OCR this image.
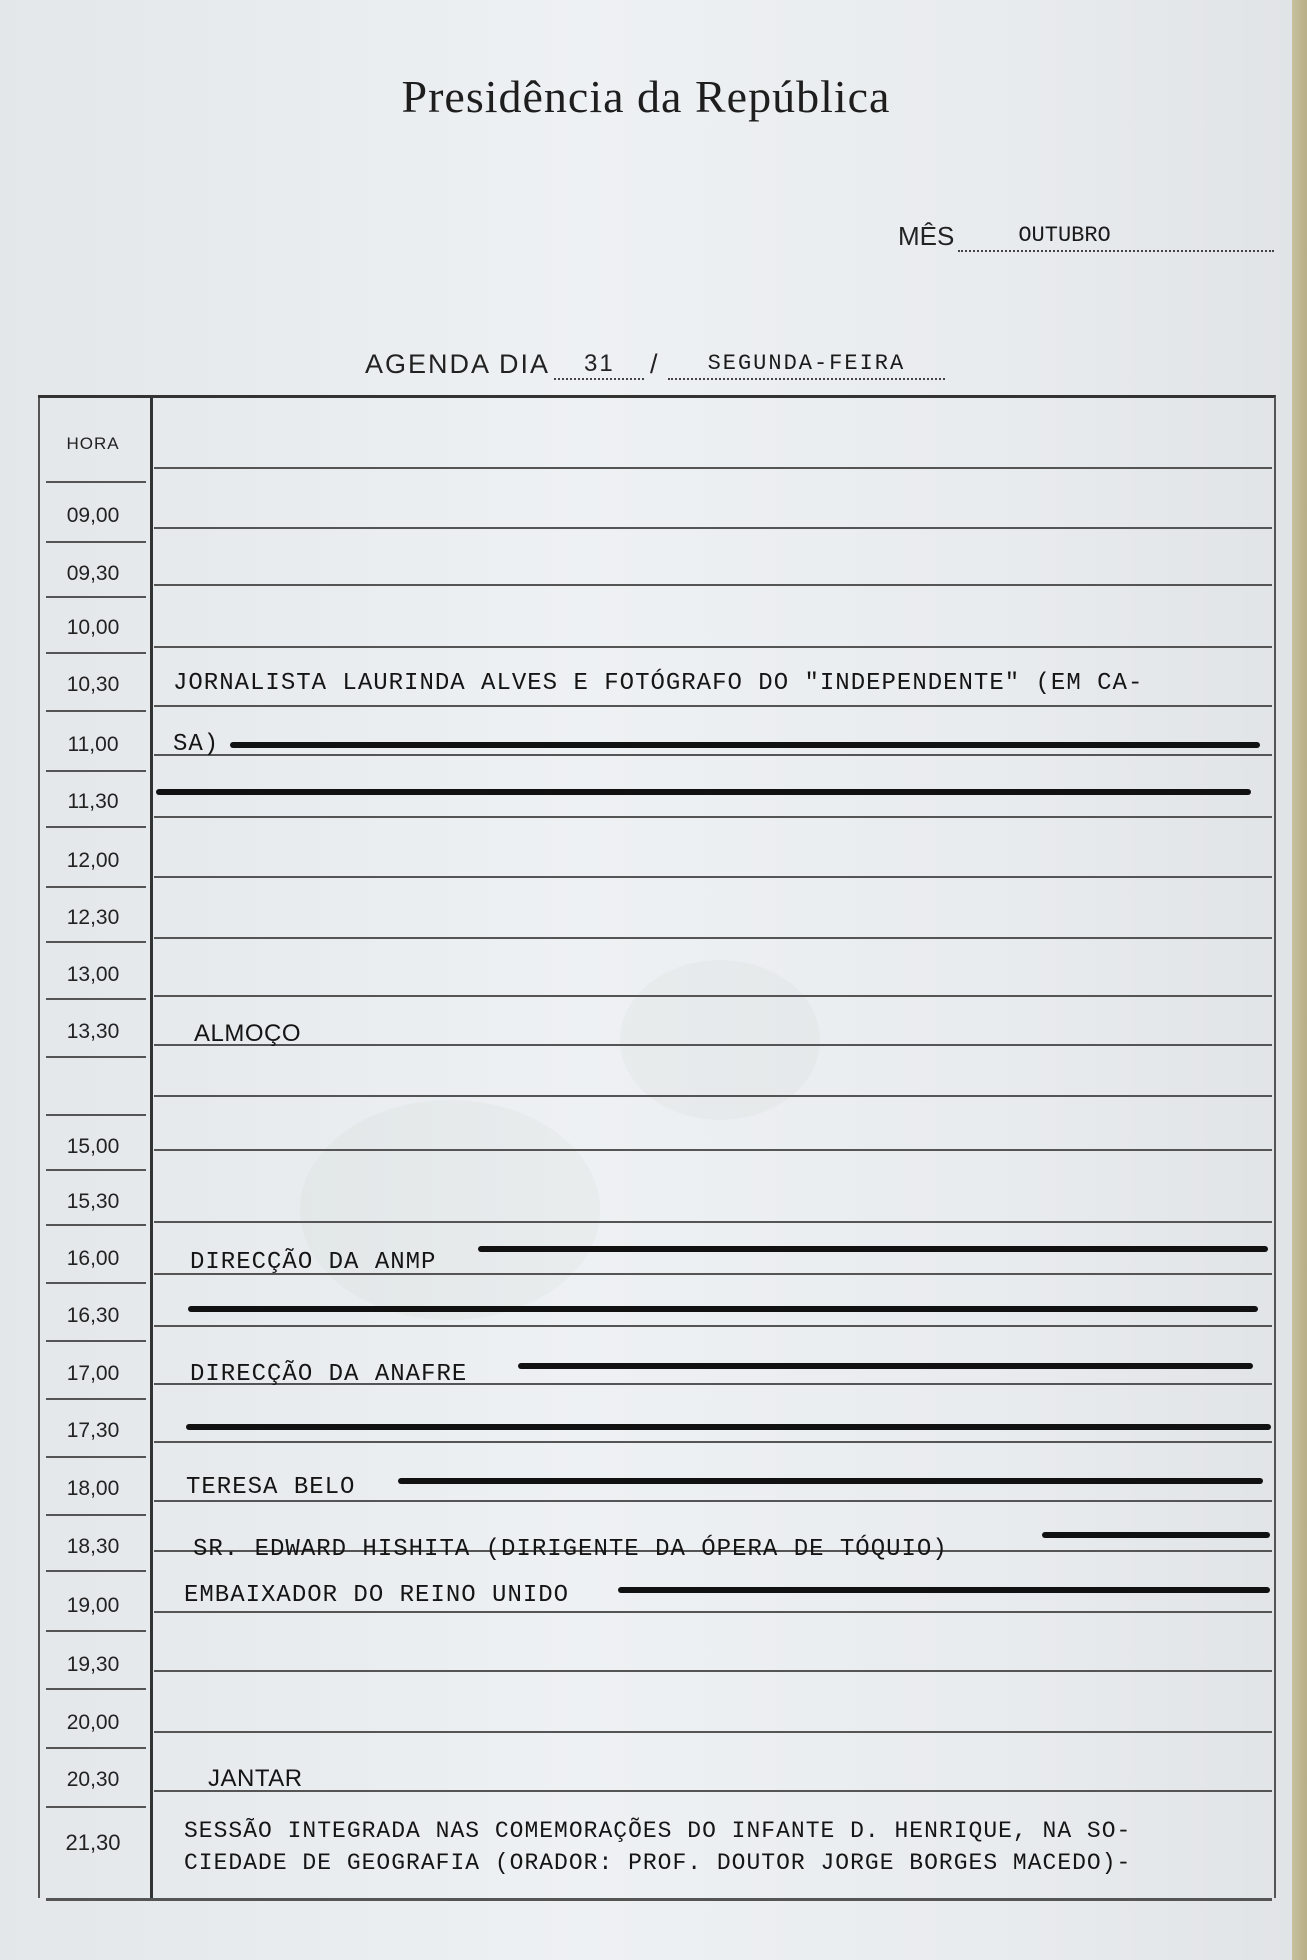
Presidência da República
MÊS	OUTUBRO
AGENDA DIA 31 / SEGUNDA-FEIRA
HORA
09,00
09,30
10,00
10,30
11,00
11,30
12,00
12,30
13,00
13,30
15,00
15,30
16,00
16,30
17,00
17,30
18,00
18,30
19,00
19,30
20,00
20,30
21,30
JORNALISTA LAURINDA ALVES E FOTÓGRAFO DO "INDEPENDENTE" (EM CA-
SA)
ALMOÇO
DIRECÇÃO DA ANMP
DIRECÇÃO DA ANAFRE
TERESA BELO
SR. EDWARD HISHITA (DIRIGENTE DA ÓPERA DE TÓQUIO)
EMBAIXADOR DO REINO UNIDO
JANTAR
SESSÃO INTEGRADA NAS COMEMORAÇÕES DO INFANTE D. HENRIQUE, NA SO-
CIEDADE DE GEOGRAFIA (ORADOR: PROF. DOUTOR JORGE BORGES MACEDO)-
